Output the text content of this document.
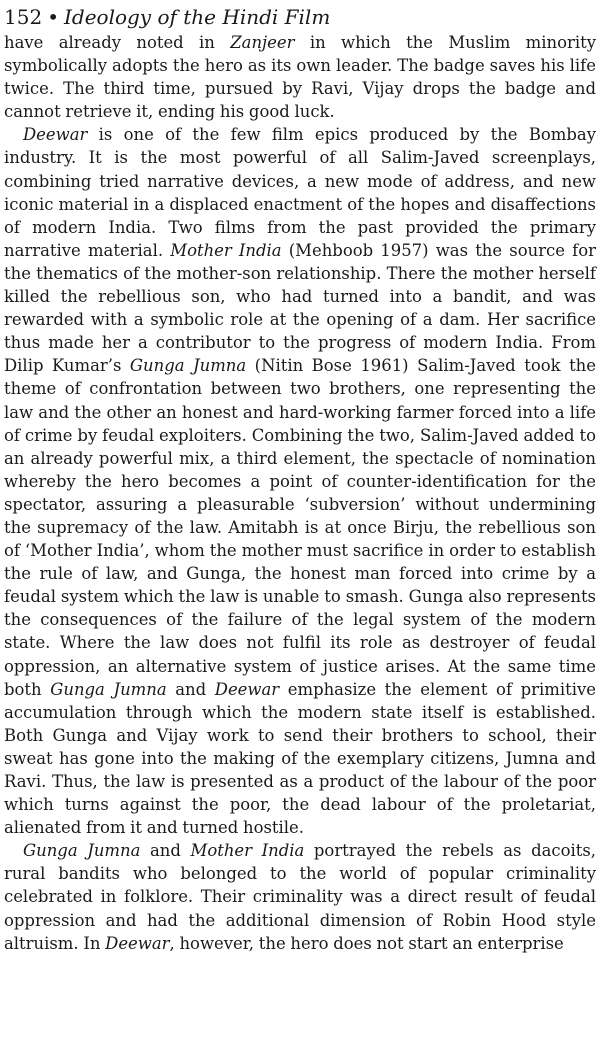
152 • Ideology of the Hindi Film

have already noted in Zanjeer in which the Muslim minority symbolically adopts the hero as its own leader. The badge saves his life twice. The third time, pursued by Ravi, Vijay drops the badge and cannot retrieve it, ending his good luck.

Deewar is one of the few film epics produced by the Bombay industry. It is the most powerful of all Salim-Javed screenplays, combining tried narrative devices, a new mode of address, and new iconic material in a displaced enactment of the hopes and disaffections of modern India. Two films from the past provided the primary narrative material. Mother India (Mehboob 1957) was the source for the thematics of the mother-son relationship. There the mother herself killed the rebellious son, who had turned into a bandit, and was rewarded with a symbolic role at the opening of a dam. Her sacrifice thus made her a contributor to the progress of modern India. From Dilip Kumar’s Gunga Jumna (Nitin Bose 1961) Salim-Javed took the theme of confrontation between two brothers, one representing the law and the other an honest and hard-working farmer forced into a life of crime by feudal exploiters. Combining the two, Salim-Javed added to an already powerful mix, a third element, the spectacle of nomination whereby the hero becomes a point of counter-identification for the spectator, assuring a pleasurable ‘subversion’ without undermining the supremacy of the law. Amitabh is at once Birju, the rebellious son of ‘Mother India’, whom the mother must sacrifice in order to establish the rule of law, and Gunga, the honest man forced into crime by a feudal system which the law is unable to smash. Gunga also represents the consequences of the failure of the legal system of the modern state. Where the law does not fulfil its role as destroyer of feudal oppression, an alternative system of justice arises. At the same time both Gunga Jumna and Deewar emphasize the element of primitive accumulation through which the modern state itself is established. Both Gunga and Vijay work to send their brothers to school, their sweat has gone into the making of the exemplary citizens, Jumna and Ravi. Thus, the law is presented as a product of the labour of the poor which turns against the poor, the dead labour of the proletariat, alienated from it and turned hostile.

Gunga Jumna and Mother India portrayed the rebels as dacoits, rural bandits who belonged to the world of popular criminality celebrated in folklore. Their criminality was a direct result of feudal oppression and had the additional dimension of Robin Hood style altruism. In Deewar, however, the hero does not start an enterprise
